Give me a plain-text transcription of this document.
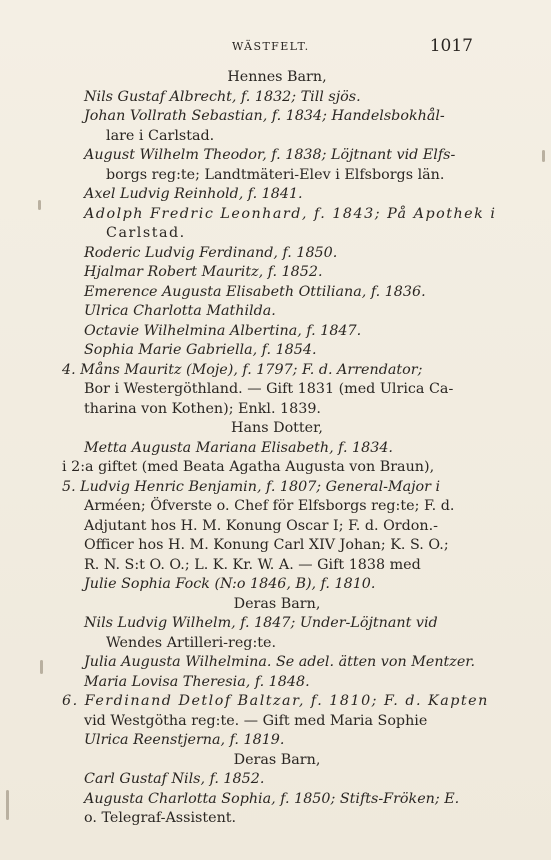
WÄSTFELT.	1017
Hennes Barn,
Nils Gustaf Albrecht, f. 1832; Till sjös.
Johan Vollrath Sebastian, f. 1834; Handelsbokhål-
lare i Carlstad.
August Wilhelm Theodor, f. 1838; Löjtnant vid Elfs-
borgs reg:te; Landtmäteri-Elev i Elfsborgs län.
Axel Ludvig Reinhold, f. 1841.
Adolph Fredric Leonhard, f. 1843; På Apothek i
Carlstad.
Roderic Ludvig Ferdinand, f. 1850.
Hjalmar Robert Mauritz, f. 1852.
Emerence Augusta Elisabeth Ottiliana, f. 1836.
Ulrica Charlotta Mathilda.
Octavie Wilhelmina Albertina, f. 1847.
Sophia Marie Gabriella, f. 1854.
4. Måns Mauritz (Moje), f. 1797; F. d. Arrendator;
Bor i Westergöthland. — Gift 1831 (med Ulrica Ca-
tharina von Kothen); Enkl. 1839.
Hans Dotter,
Metta Augusta Mariana Elisabeth, f. 1834.
i 2:a giftet (med Beata Agatha Augusta von Braun),
5. Ludvig Henric Benjamin, f. 1807; General-Major i
Arméen; Öfverste o. Chef för Elfsborgs reg:te; F. d.
Adjutant hos H. M. Konung Oscar I; F. d. Ordon.-
Officer hos H. M. Konung Carl XIV Johan; K. S. O.;
R. N. S:t O. O.; L. K. Kr. W. A. — Gift 1838 med
Julie Sophia Fock (N:o 1846, B), f. 1810.
Deras Barn,
Nils Ludvig Wilhelm, f. 1847; Under-Löjtnant vid
Wendes Artilleri-reg:te.
Julia Augusta Wilhelmina. Se adel. ätten von Mentzer.
Maria Lovisa Theresia, f. 1848.
6. Ferdinand Detlof Baltzar, f. 1810; F. d. Kapten
vid Westgötha reg:te. — Gift med Maria Sophie
Ulrica Reenstjerna, f. 1819.
Deras Barn,
Carl Gustaf Nils, f. 1852.
Augusta Charlotta Sophia, f. 1850; Stifts-Fröken; E.
o. Telegraf-Assistent.
